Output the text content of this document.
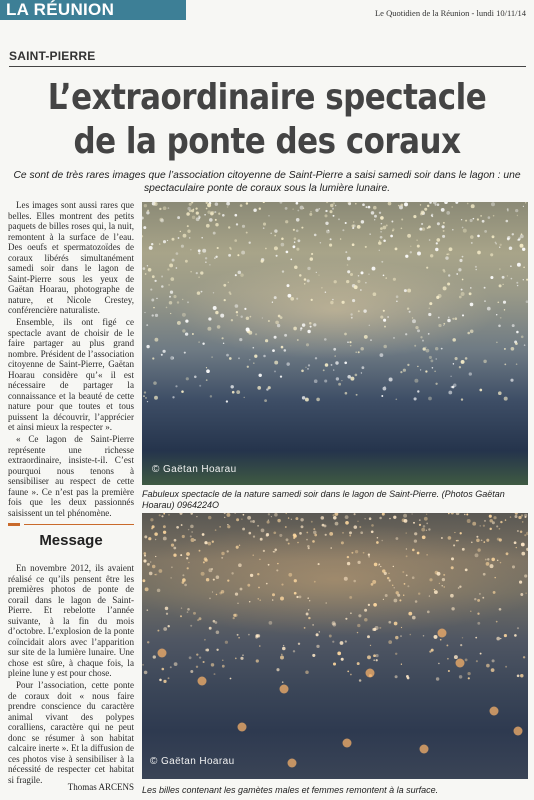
LA RÉUNION	Le Quotidien de la Réunion - lundi 10/11/14
SAINT-PIERRE
L’extraordinaire spectacle
de la ponte des coraux
Ce sont de très rares images que l’association citoyenne de Saint-Pierre a saisi samedi soir dans le lagon : une spectaculaire ponte de coraux sous la lumière lunaire.

Les images sont aussi rares que belles. Elles montrent des petits paquets de billes roses qui, la nuit, remontent à la surface de l’eau. Des oeufs et spermatozoïdes de coraux libérés simultanément samedi soir dans le lagon de Saint-Pierre sous les yeux de Gaëtan Hoarau, photographe de nature, et Nicole Crestey, conférencière naturaliste.

Ensemble, ils ont figé ce spectacle avant de choisir de le faire partager au plus grand nombre. Président de l’association citoyenne de Saint-Pierre, Gaëtan Hoarau considère qu’« il est nécessaire de partager la connaissance et la beauté de cette nature pour que toutes et tous puissent la découvrir, l’apprécier et ainsi mieux la respecter ».

« Ce lagon de Saint-Pierre représente une richesse extraordinaire, insiste-t-il. C’est pourquoi nous tenons à sensibiliser au respect de cette faune ». Ce n’est pas la première fois que les deux passionnés saisissent un tel phénomène.

Message

En novembre 2012, ils avaient réalisé ce qu’ils pensent être les premières photos de ponte de corail dans le lagon de Saint-Pierre. Et rebelotte l’année suivante, à la fin du mois d’octobre. L’explosion de la ponte coïncidait alors avec l’apparition sur site de la lumière lunaire. Une chose est sûre, à chaque fois, la pleine lune y est pour chose.

Pour l’association, cette ponte de coraux doit « nous faire prendre conscience du caractère animal vivant des polypes coralliens, caractère qui ne peut donc se résumer à son habitat calcaire inerte ». Et la diffusion de ces photos vise à sensibiliser à la nécessité de respecter cet habitat si fragile.

Thomas ARCENS
© Gaëtan Hoarau
Fabuleux spectacle de la nature samedi soir dans le lagon de Saint-Pierre. (Photos Gaëtan Hoarau) 0964224O
© Gaëtan Hoarau
Les billes contenant les gamètes males et femmes remontent à la surface.
